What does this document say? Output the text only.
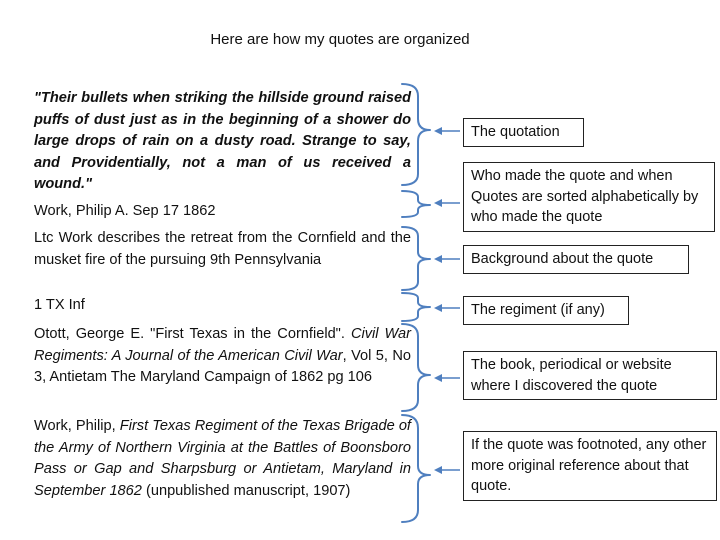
Here are how my quotes are organized
"Their bullets when striking the hillside ground raised puffs of dust just as in the beginning of a shower do large drops of rain on a dusty road. Strange to say, and Providentially, not a man of us received a wound."
Work, Philip A. Sep 17 1862
Ltc Work describes the retreat from the Cornfield and the musket fire of the pursuing 9th Pennsylvania
1 TX Inf
Otott, George E. "First Texas in the Cornfield". Civil War Regiments: A Journal of the American Civil War, Vol 5, No 3, Antietam The Maryland Campaign of 1862 pg 106
Work, Philip, First Texas Regiment of the Texas Brigade of the Army of Northern Virginia at the Battles of Boonsboro Pass or Gap and Sharpsburg or Antietam, Maryland in September 1862 (unpublished manuscript, 1907)
The quotation
Who made the quote and when Quotes are sorted alphabetically by who made the quote
Background about the quote
The regiment (if any)
The book, periodical or website where I discovered the quote
If the quote was footnoted, any other more original reference about that quote.
